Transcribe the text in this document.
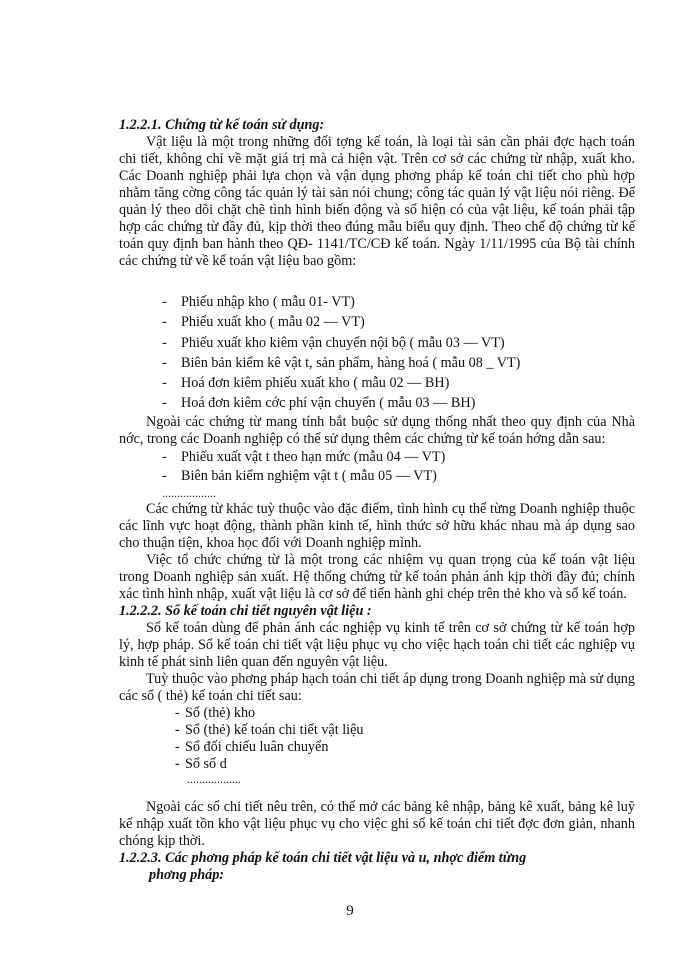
1.2.2.1. Chứng từ kế toán sử dụng:

Vật liệu là một trong những đối tợng kế toán, là loại tài sản cần phải đợc hạch toán chi tiết, không chỉ về mặt giá trị mà cả hiện vật. Trên cơ sở các chứng từ nhập, xuất kho. Các Doanh nghiệp phải lựa chọn và vận dụng phơng pháp kế toán chi tiết cho phù hợp nhằm tăng cờng công tác quản lý tài sản nói chung; công tác quản lý vật liệu nói riêng. Để quản lý theo dõi chặt chẽ tình hình biến động và số hiện có của vật liệu, kế toán phải tập hợp các chứng từ đầy đủ, kịp thời theo đúng mẫu biểu quy định. Theo chế độ chứng từ kế toán quy định ban hành theo QĐ- 1141/TC/CĐ kế toán. Ngày 1/11/1995 của Bộ tài chính các chứng từ về kế toán vật liệu bao gồm:

- Phiếu nhập kho ( mẫu 01- VT)
- Phiếu xuất kho ( mẫu 02 — VT)
- Phiếu xuất kho kiêm vận chuyển nội bộ ( mẫu 03 — VT)
- Biên bản kiểm kê vật t, sản phẩm, hàng hoá ( mẫu 08 _ VT)
- Hoá đơn kiêm phiếu xuất kho ( mẫu 02 — BH)
- Hoá đơn kiêm cớc phí vận chuyển ( mẫu 03 — BH)

Ngoài các chứng từ mang tính bắt buộc sử dụng thống nhất theo quy định của Nhà nớc, trong các Doanh nghiệp có thể sử dụng thêm các chứng từ kế toán hớng dẫn sau:

- Phiếu xuất vật t theo hạn mức (mẫu 04 — VT)
- Biên bản kiểm nghiệm vật t ( mẫu 05 — VT)
..................

Các chứng từ khác tuỳ thuộc vào đặc điểm, tình hình cụ thể từng Doanh nghiệp thuộc các lĩnh vực hoạt động, thành phần kinh tế, hình thức sở hữu khác nhau mà áp dụng sao cho thuận tiện, khoa học đối với Doanh nghiệp mình.

Việc tổ chức chứng từ là một trong các nhiệm vụ quan trọng của kế toán vật liệu trong Doanh nghiệp sản xuất. Hệ thống chứng từ kế toán phản ánh kịp thời đầy đủ; chính xác tình hình nhập, xuất vật liệu là cơ sở để tiến hành ghi chép trên thẻ kho và sổ kế toán.

1.2.2.2. Sổ kế toán chi tiết nguyên vật liệu :

Sổ kế toán dùng để phản ánh các nghiệp vụ kinh tế trên cơ sở chứng từ kế toán hợp lý, hợp pháp. Sổ kế toán chi tiết vật liệu phục vụ cho việc hạch toán chi tiết các nghiệp vụ kinh tế phát sinh liên quan đến nguyên vật liệu.

Tuỳ thuộc vào phơng pháp hạch toán chi tiết áp dụng trong Doanh nghiệp mà sử dụng các sổ ( thẻ) kế toán chi tiết sau:

- Sổ (thẻ) kho
- Sổ (thẻ) kế toán chi tiết vật liệu
- Sổ đối chiếu luân chuyển
- Sổ số d
..................

Ngoài các sổ chi tiết nêu trên, có thể mở các bảng kê nhập, bảng kê xuất, bảng kê luỹ kế nhập xuất tồn kho vật liệu phục vụ cho việc ghi sổ kế toán chi tiết đợc đơn giản, nhanh chóng kịp thời.

1.2.2.3. Các phơng pháp kế toán chi tiết vật liệu và u, nhợc điểm từng

phơng pháp:

9
